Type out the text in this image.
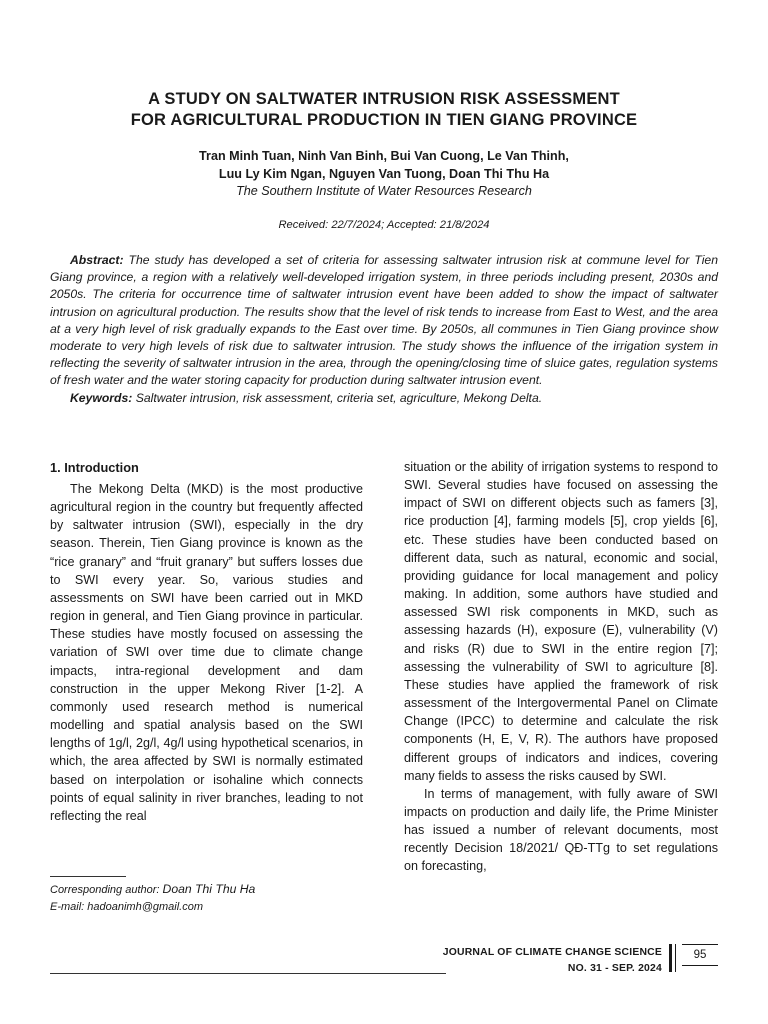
A STUDY ON SALTWATER INTRUSION RISK ASSESSMENT
FOR AGRICULTURAL PRODUCTION IN TIEN GIANG PROVINCE
Tran Minh Tuan, Ninh Van Binh, Bui Van Cuong, Le Van Thinh,
Luu Ly Kim Ngan, Nguyen Van Tuong, Doan Thi Thu Ha
The Southern Institute of Water Resources Research
Received: 22/7/2024; Accepted: 21/8/2024

Abstract: The study has developed a set of criteria for assessing saltwater intrusion risk at commune level for Tien Giang province, a region with a relatively well-developed irrigation system, in three periods including present, 2030s and 2050s. The criteria for occurrence time of saltwater intrusion event have been added to show the impact of saltwater intrusion on agricultural production. The results show that the level of risk tends to increase from East to West, and the area at a very high level of risk gradually expands to the East over time. By 2050s, all communes in Tien Giang province show moderate to very high levels of risk due to saltwater intrusion. The study shows the influence of the irrigation system in reflecting the severity of saltwater intrusion in the area, through the opening/closing time of sluice gates, regulation systems of fresh water and the water storing capacity for production during saltwater intrusion event.

Keywords: Saltwater intrusion, risk assessment, criteria set, agriculture, Mekong Delta.

1. Introduction

The Mekong Delta (MKD) is the most productive agricultural region in the country but frequently affected by saltwater intrusion (SWI), especially in the dry season. Therein, Tien Giang province is known as the “rice granary” and “fruit granary” but suffers losses due to SWI every year. So, various studies and assessments on SWI have been carried out in MKD region in general, and Tien Giang province in particular. These studies have mostly focused on assessing the variation of SWI over time due to climate change impacts, intra-regional development and dam construction in the upper Mekong River [1-2]. A commonly used research method is numerical modelling and spatial analysis based on the SWI lengths of 1g/l, 2g/l, 4g/l using hypothetical scenarios, in which, the area affected by SWI is normally estimated based on interpolation or isohaline which connects points of equal salinity in river branches, leading to not reflecting the real

situation or the ability of irrigation systems to respond to SWI. Several studies have focused on assessing the impact of SWI on different objects such as famers [3], rice production [4], farming models [5], crop yields [6], etc. These studies have been conducted based on different data, such as natural, economic and social, providing guidance for local management and policy making. In addition, some authors have studied and assessed SWI risk components in MKD, such as assessing hazards (H), exposure (E), vulnerability (V) and risks (R) due to SWI in the entire region [7]; assessing the vulnerability of SWI to agriculture [8]. These studies have applied the framework of risk assessment of the Intergovermental Panel on Climate Change (IPCC) to determine and calculate the risk components (H, E, V, R). The authors have proposed different groups of indicators and indices, covering many fields to assess the risks caused by SWI.

In terms of management, with fully aware of SWI impacts on production and daily life, the Prime Minister has issued a number of relevant documents, most recently Decision 18/2021/ QĐ-TTg to set regulations on forecasting,

Corresponding author: Doan Thi Thu Ha
E-mail: hadoanimh@gmail.com
JOURNAL OF CLIMATE CHANGE SCIENCE
NO. 31 - SEP. 2024
95
